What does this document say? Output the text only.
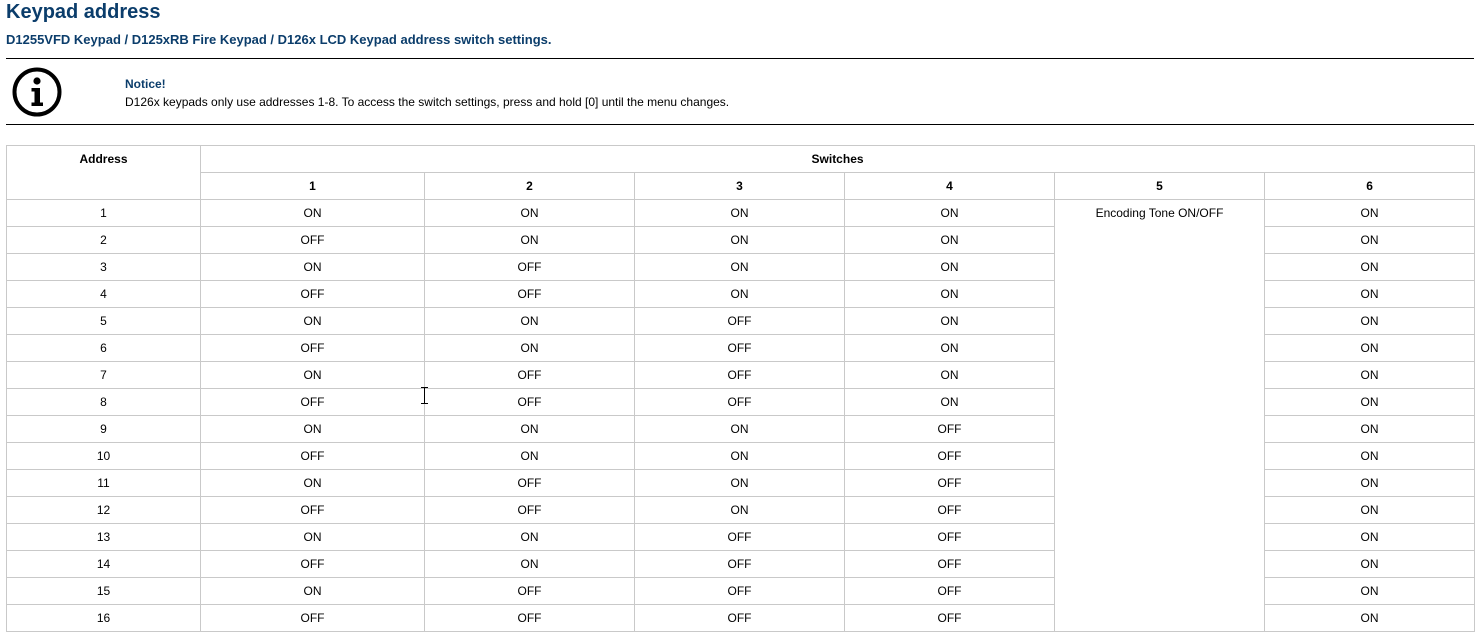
Keypad address
D1255VFD Keypad / D125xRB Fire Keypad / D126x LCD Keypad address switch settings.
Notice!
D126x keypads only use addresses 1-8. To access the switch settings, press and hold [0] until the menu changes.
Address	Switches					
	1	2	3	4	5	6
1	ON	ON	ON	ON	Encoding Tone ON/OFF	ON
2	OFF	ON	ON	ON		ON
3	ON	OFF	ON	ON		ON
4	OFF	OFF	ON	ON		ON
5	ON	ON	OFF	ON		ON
6	OFF	ON	OFF	ON		ON
7	ON	OFF	OFF	ON		ON
8	OFF	OFF	OFF	ON		ON
9	ON	ON	ON	OFF		ON
10	OFF	ON	ON	OFF		ON
11	ON	OFF	ON	OFF		ON
12	OFF	OFF	ON	OFF		ON
13	ON	ON	OFF	OFF		ON
14	OFF	ON	OFF	OFF		ON
15	ON	OFF	OFF	OFF		ON
16	OFF	OFF	OFF	OFF		ON
